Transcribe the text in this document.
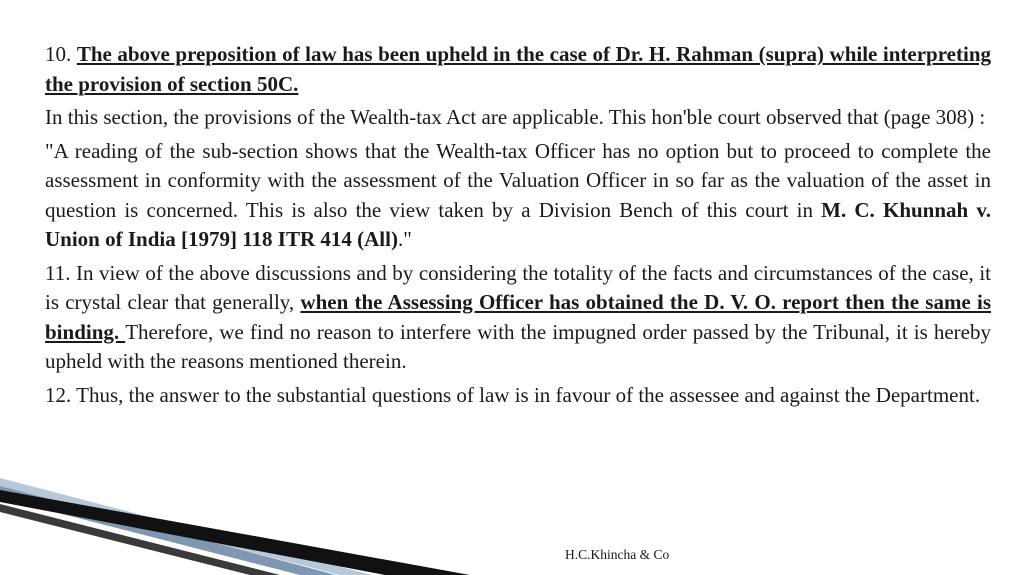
10. The above preposition of law has been upheld in the case of Dr. H. Rahman (supra) while interpreting the provision of section 50C.

In this section, the provisions of the Wealth-tax Act are applicable. This hon'ble court observed that (page 308) :

"A reading of the sub-section shows that the Wealth-tax Officer has no option but to proceed to complete the assessment in conformity with the assessment of the Valuation Officer in so far as the valuation of the asset in question is concerned. This is also the view taken by a Division Bench of this court in M. C. Khunnah v. Union of India [1979] 118 ITR 414 (All)."

11. In view of the above discussions and by considering the totality of the facts and circumstances of the case, it is crystal clear that generally, when the Assessing Officer has obtained the D. V. O. report then the same is binding. Therefore, we find no reason to interfere with the impugned order passed by the Tribunal, it is hereby upheld with the reasons mentioned therein.

12. Thus, the answer to the substantial questions of law is in favour of the assessee and against the Department.

H.C.Khincha & Co
